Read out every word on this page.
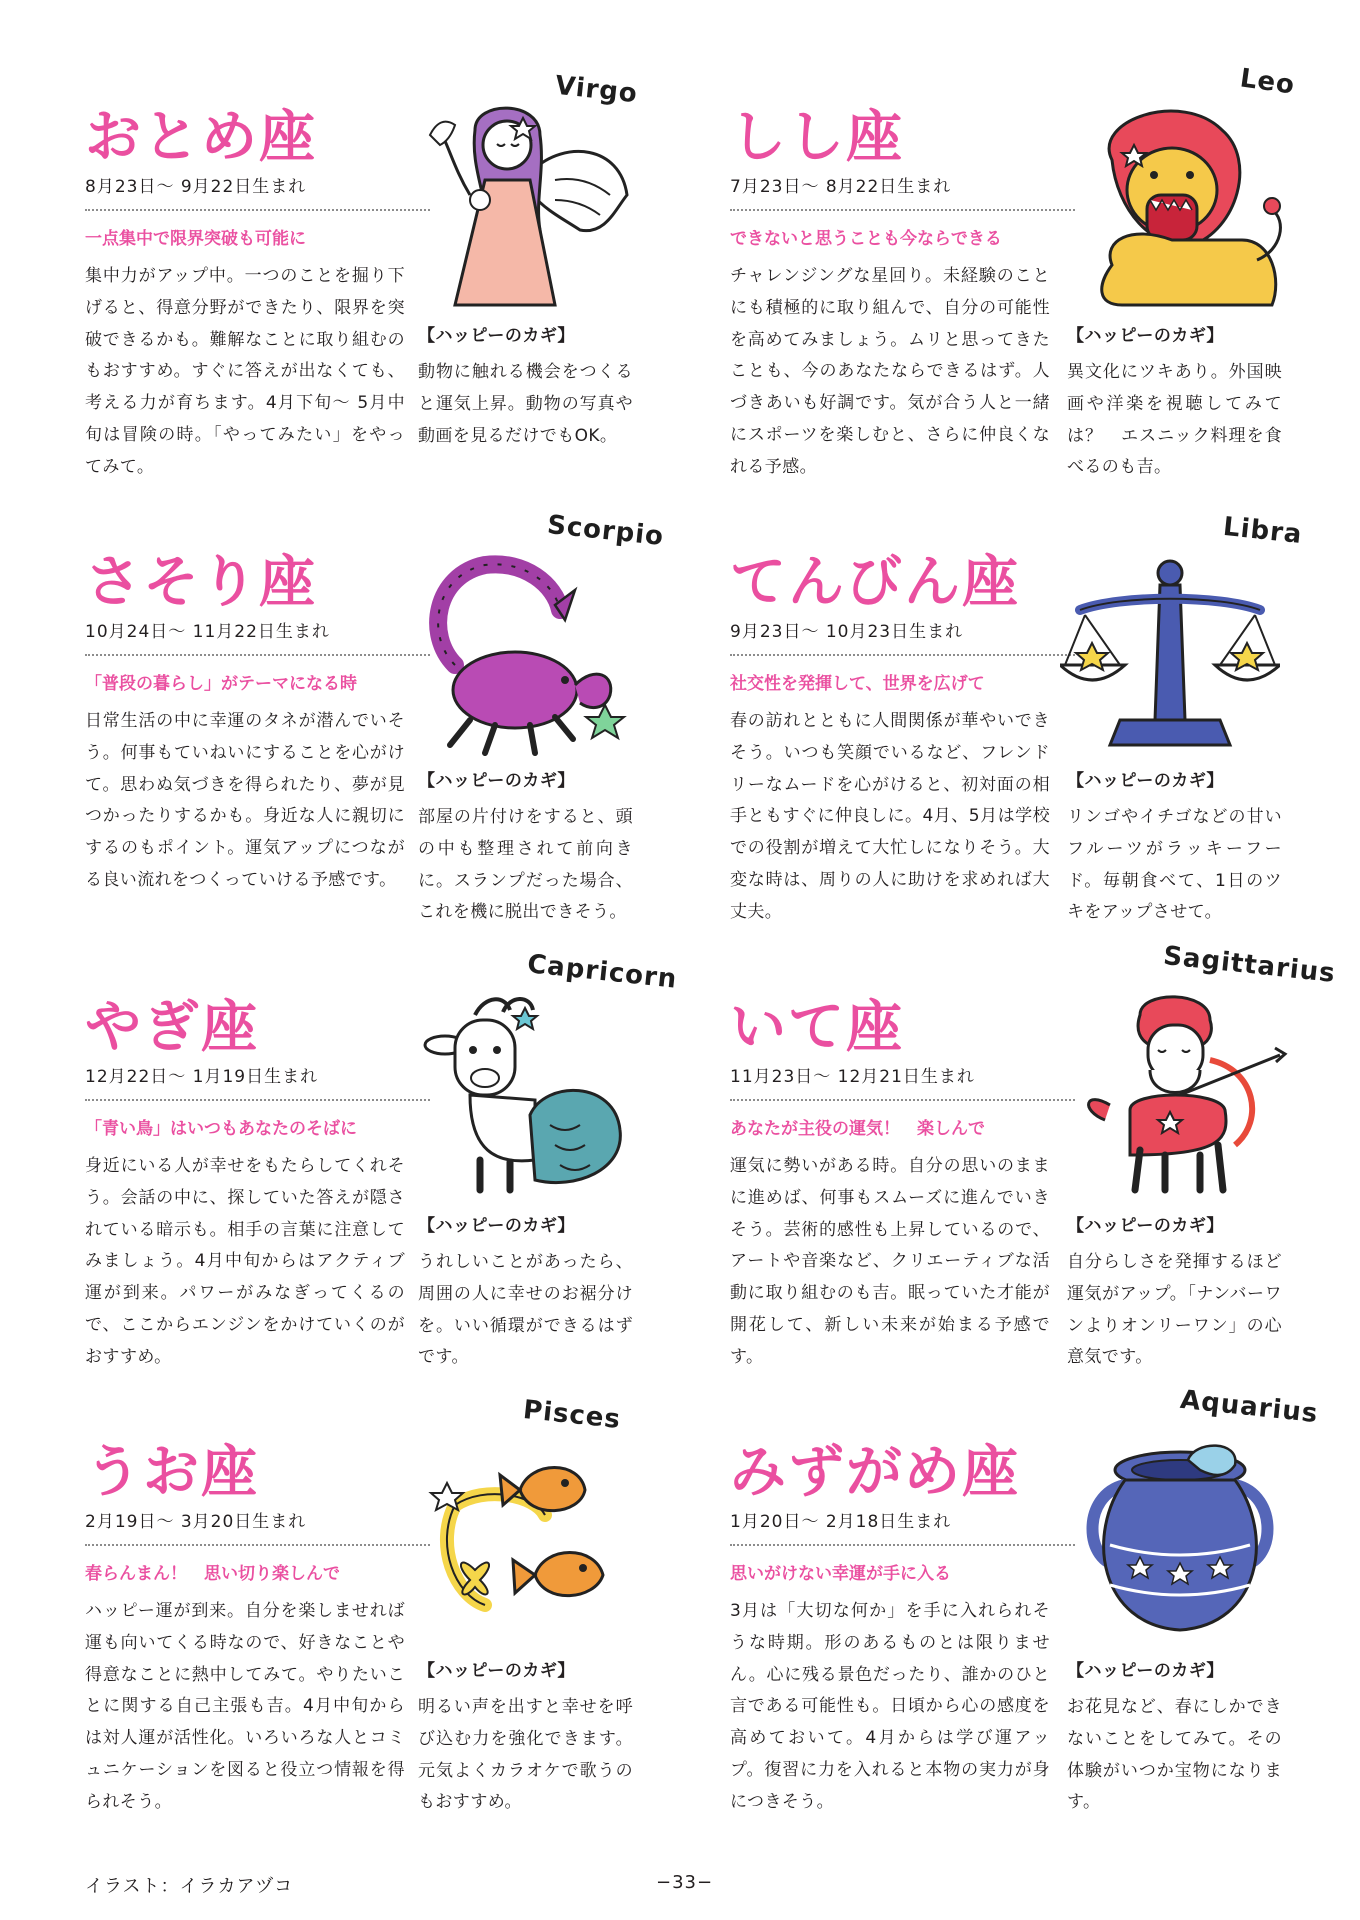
おとめ座
8月23日〜 9月22日生まれ
一点集中で限界突破も可能に

集中力がアップ中。一つのことを掘り下げると、得意分野ができたり、限界を突破できるかも。難解なことに取り組むのもおすすめ。すぐに答えが出なくても、考える力が育ちます。4月下旬〜 5月中旬は冒険の時。「やってみたい」をやってみて。

【ハッピーのカギ】
動物に触れる機会をつくると運気上昇。動物の写真や動画を見るだけでもOK。
Virgo
しし座
7月23日〜 8月22日生まれ
できないと思うことも今ならできる

チャレンジングな星回り。未経験のことにも積極的に取り組んで、自分の可能性を高めてみましょう。ムリと思ってきたことも、今のあなたならできるはず。人づきあいも好調です。気が合う人と一緒にスポーツを楽しむと、さらに仲良くなれる予感。

【ハッピーのカギ】
異文化にツキあり。外国映画や洋楽を視聴してみては？　エスニック料理を食べるのも吉。
Leo
さそり座
10月24日〜 11月22日生まれ
「普段の暮らし」がテーマになる時

日常生活の中に幸運のタネが潜んでいそう。何事もていねいにすることを心がけて。思わぬ気づきを得られたり、夢が見つかったりするかも。身近な人に親切にするのもポイント。運気アップにつながる良い流れをつくっていける予感です。

【ハッピーのカギ】
部屋の片付けをすると、頭の中も整理されて前向きに。スランプだった場合、これを機に脱出できそう。
Scorpio
てんびん座
9月23日〜 10月23日生まれ
社交性を発揮して、世界を広げて

春の訪れとともに人間関係が華やいできそう。いつも笑顔でいるなど、フレンドリーなムードを心がけると、初対面の相手ともすぐに仲良しに。4月、5月は学校での役割が増えて大忙しになりそう。大変な時は、周りの人に助けを求めれば大丈夫。

【ハッピーのカギ】
リンゴやイチゴなどの甘いフルーツがラッキーフード。毎朝食べて、1日のツキをアップさせて。
Libra
やぎ座
12月22日〜 1月19日生まれ
「青い鳥」はいつもあなたのそばに

身近にいる人が幸せをもたらしてくれそう。会話の中に、探していた答えが隠されている暗示も。相手の言葉に注意してみましょう。4月中旬からはアクティブ運が到来。パワーがみなぎってくるので、ここからエンジンをかけていくのがおすすめ。

【ハッピーのカギ】
うれしいことがあったら、周囲の人に幸せのお裾分けを。いい循環ができるはずです。
Capricorn
いて座
11月23日〜 12月21日生まれ
あなたが主役の運気！　楽しんで

運気に勢いがある時。自分の思いのままに進めば、何事もスムーズに進んでいきそう。芸術的感性も上昇しているので、アートや音楽など、クリエーティブな活動に取り組むのも吉。眠っていた才能が開花して、新しい未来が始まる予感です。

【ハッピーのカギ】
自分らしさを発揮するほど運気がアップ。「ナンバーワンよりオンリーワン」の心意気です。
Sagittarius
うお座
2月19日〜 3月20日生まれ
春らんまん！　思い切り楽しんで

ハッピー運が到来。自分を楽しませれば運も向いてくる時なので、好きなことや得意なことに熱中してみて。やりたいことに関する自己主張も吉。4月中旬からは対人運が活性化。いろいろな人とコミュニケーションを図ると役立つ情報を得られそう。

【ハッピーのカギ】
明るい声を出すと幸せを呼び込む力を強化できます。元気よくカラオケで歌うのもおすすめ。
Pisces
みずがめ座
1月20日〜 2月18日生まれ
思いがけない幸運が手に入る

3月は「大切な何か」を手に入れられそうな時期。形のあるものとは限りません。心に残る景色だったり、誰かのひと言である可能性も。日頃から心の感度を高めておいて。4月からは学び運アップ。復習に力を入れると本物の実力が身につきそう。

【ハッピーのカギ】
お花見など、春にしかできないことをしてみて。その体験がいつか宝物になります。
Aquarius
イラスト：イラカアヅコ	−33−
